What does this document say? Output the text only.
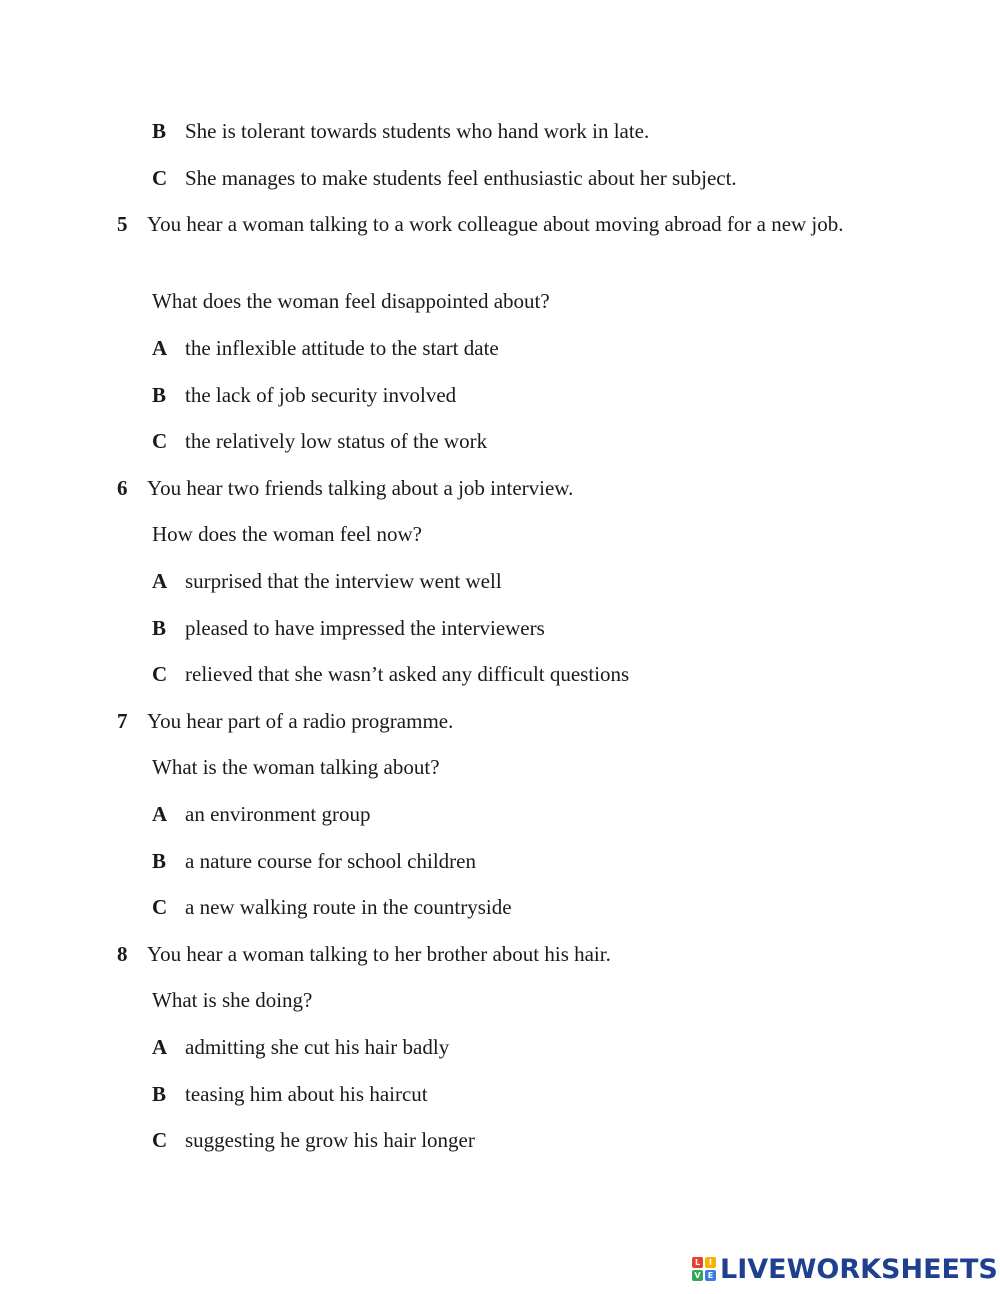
B She is tolerant towards students who hand work in late.
C She manages to make students feel enthusiastic about her subject.
5 You hear a woman talking to a work colleague about moving abroad for a new job.
What does the woman feel disappointed about?
A the inflexible attitude to the start date
B the lack of job security involved
C the relatively low status of the work
6 You hear two friends talking about a job interview.
How does the woman feel now?
A surprised that the interview went well
B pleased to have impressed the interviewers
C relieved that she wasn’t asked any difficult questions
7 You hear part of a radio programme.
What is the woman talking about?
A an environment group
B a nature course for school children
C a new walking route in the countryside
8 You hear a woman talking to her brother about his hair.
What is she doing?
A admitting she cut his hair badly
B teasing him about his haircut
C suggesting he grow his hair longer
L	I
V E LIVEWORKSHEETS
